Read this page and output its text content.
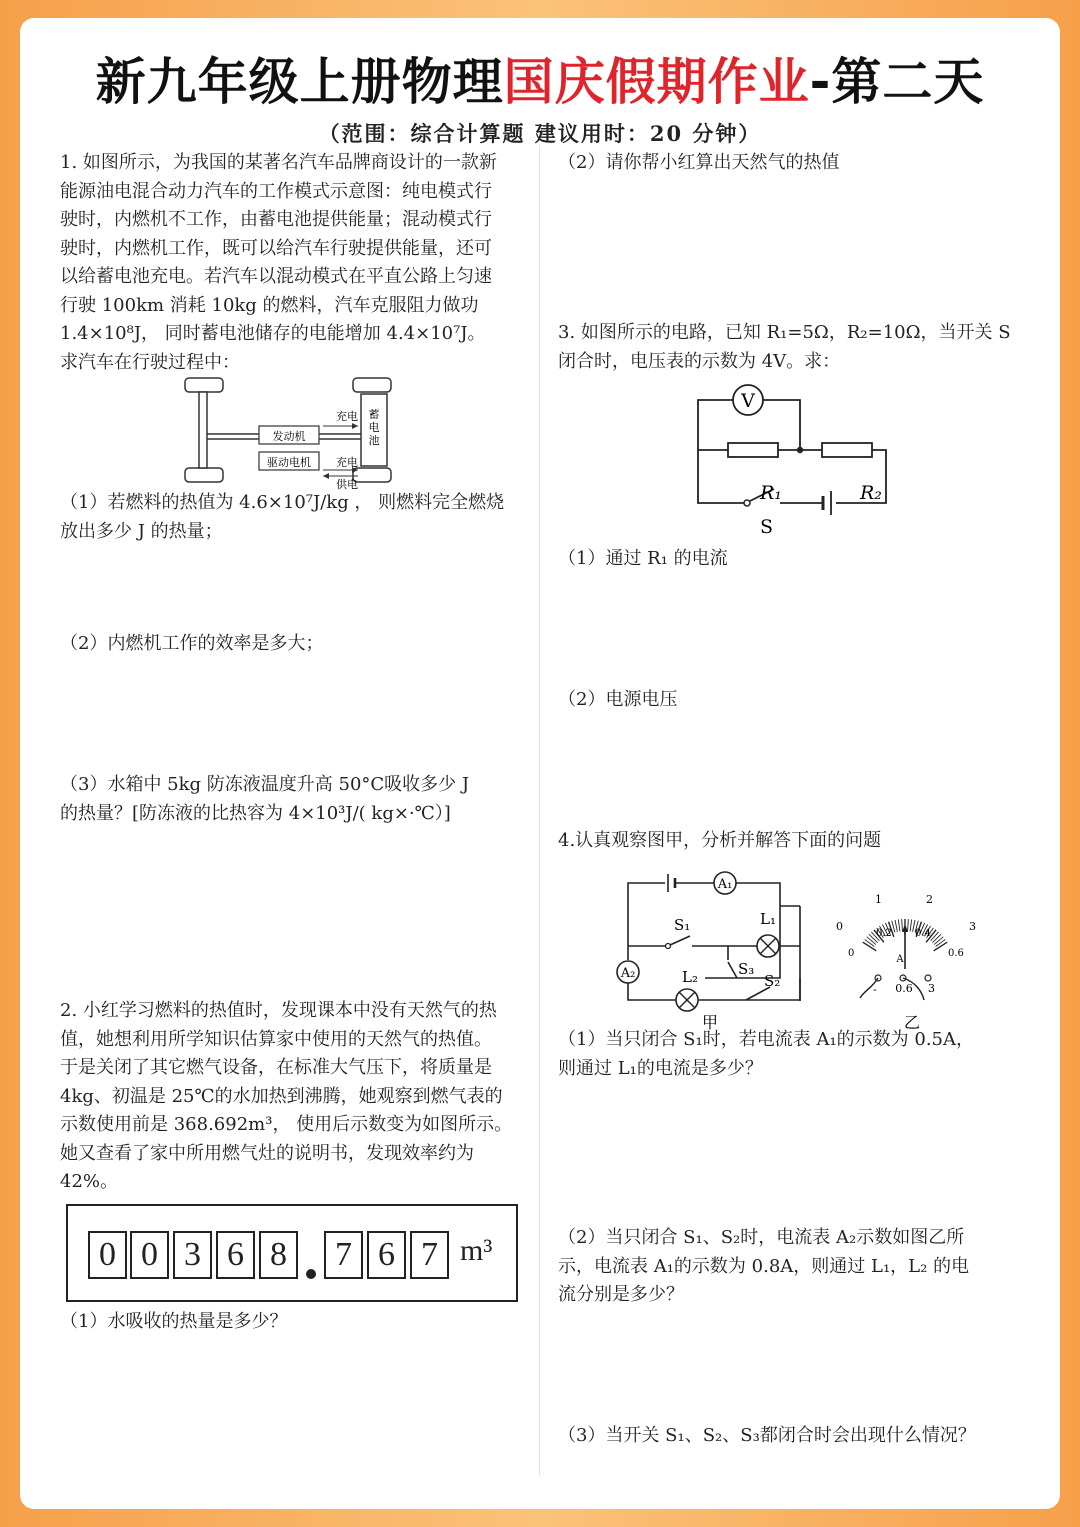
新九年级上册物理国庆假期作业-第二天
（范围：综合计算题 建议用时：20 分钟）

1. 如图所示，为我国的某著名汽车品牌商设计的一款新

能源油电混合动力汽车的工作模式示意图：纯电模式行

驶时，内燃机不工作，由蓄电池提供能量；混动模式行

驶时，内燃机工作，既可以给汽车行驶提供能量，还可

以给蓄电池充电。若汽车以混动模式在平直公路上匀速

行驶 100km 消耗 10kg 的燃料，汽车克服阻力做功

1.4×10⁸J， 同时蓄电池储存的电能增加 4.4×10⁷J。

求汽车在行驶过程中：

蓄
电
池
发动机
驱动电机
充电
充电
供电

（1）若燃料的热值为 4.6×10⁷J/kg ， 则燃料完全燃烧

放出多少 J 的热量；

（2）内燃机工作的效率是多大；

（3）水箱中 5kg 防冻液温度升高 50°C吸收多少 J

的热量？[防冻液的比热容为 4×10³J/( kg×·℃）]

2. 小红学习燃料的热值时，发现课本中没有天然气的热

值，她想利用所学知识估算家中使用的天然气的热值。

于是关闭了其它燃气设备，在标准大气压下，将质量是

4kg、初温是 25℃的水加热到沸腾，她观察到燃气表的

示数使用前是 368.692m³， 使用后示数变为如图所示。

她又查看了家中所用燃气灶的说明书，发现效率约为

42%。

0 0 3 6 8	7 6 7 m³
（1）水吸收的热量是多少？
（2）请你帮小红算出天然气的热值

3. 如图所示的电路，已知 R₁=5Ω，R₂=10Ω，当开关 S

闭合时，电压表的示数为 4V。求：

V
R₁	R₂
S
（1）通过 R₁ 的电流
（2）电源电压
4.认真观察图甲，分析并解答下面的问题
A₁
A₂
S₁	L₁
L₂	S₃
S₂
甲
0
1	2
3
0.2 0.4
0	0.6
A
- 0.6 3
乙

（1）当只闭合 S₁时，若电流表 A₁的示数为 0.5A，

则通过 L₁的电流是多少？

（2）当只闭合 S₁、S₂时，电流表 A₂示数如图乙所

示，电流表 A₁的示数为 0.8A，则通过 L₁，L₂ 的电

流分别是多少？

（3）当开关 S₁、S₂、S₃都闭合时会出现什么情况？
